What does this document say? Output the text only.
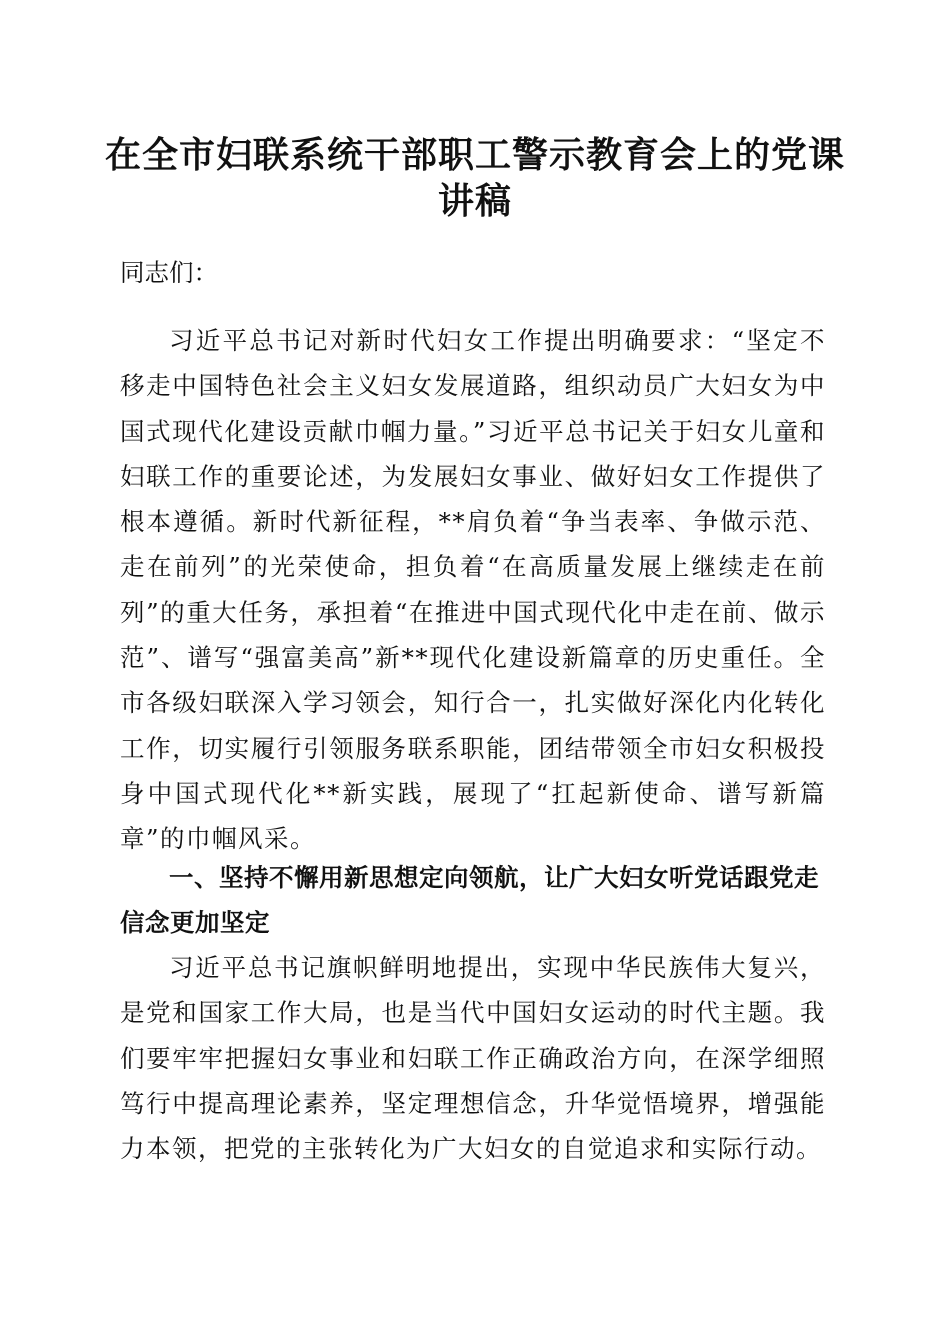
在全市妇联系统干部职工警示教育会上的党课讲稿

同志们：

习近平总书记对新时代妇女工作提出明确要求：“坚定不移走中国特色社会主义妇女发展道路，组织动员广大妇女为中国式现代化建设贡献巾帼力量。”习近平总书记关于妇女儿童和妇联工作的重要论述，为发展妇女事业、做好妇女工作提供了根本遵循。新时代新征程，**肩负着“争当表率、争做示范、走在前列”的光荣使命，担负着“在高质量发展上继续走在前列”的重大任务，承担着“在推进中国式现代化中走在前、做示范”、谱写“强富美高”新**现代化建设新篇章的历史重任。全市各级妇联深入学习领会，知行合一，扎实做好深化内化转化工作，切实履行引领服务联系职能，团结带领全市妇女积极投身中国式现代化**新实践，展现了“扛起新使命、谱写新篇章”的巾帼风采。

一、坚持不懈用新思想定向领航，让广大妇女听党话跟党走信念更加坚定

习近平总书记旗帜鲜明地提出，实现中华民族伟大复兴，是党和国家工作大局，也是当代中国妇女运动的时代主题。我们要牢牢把握妇女事业和妇联工作正确政治方向，在深学细照笃行中提高理论素养，坚定理想信念，升华觉悟境界，增强能力本领，把党的主张转化为广大妇女的自觉追求和实际行动。
